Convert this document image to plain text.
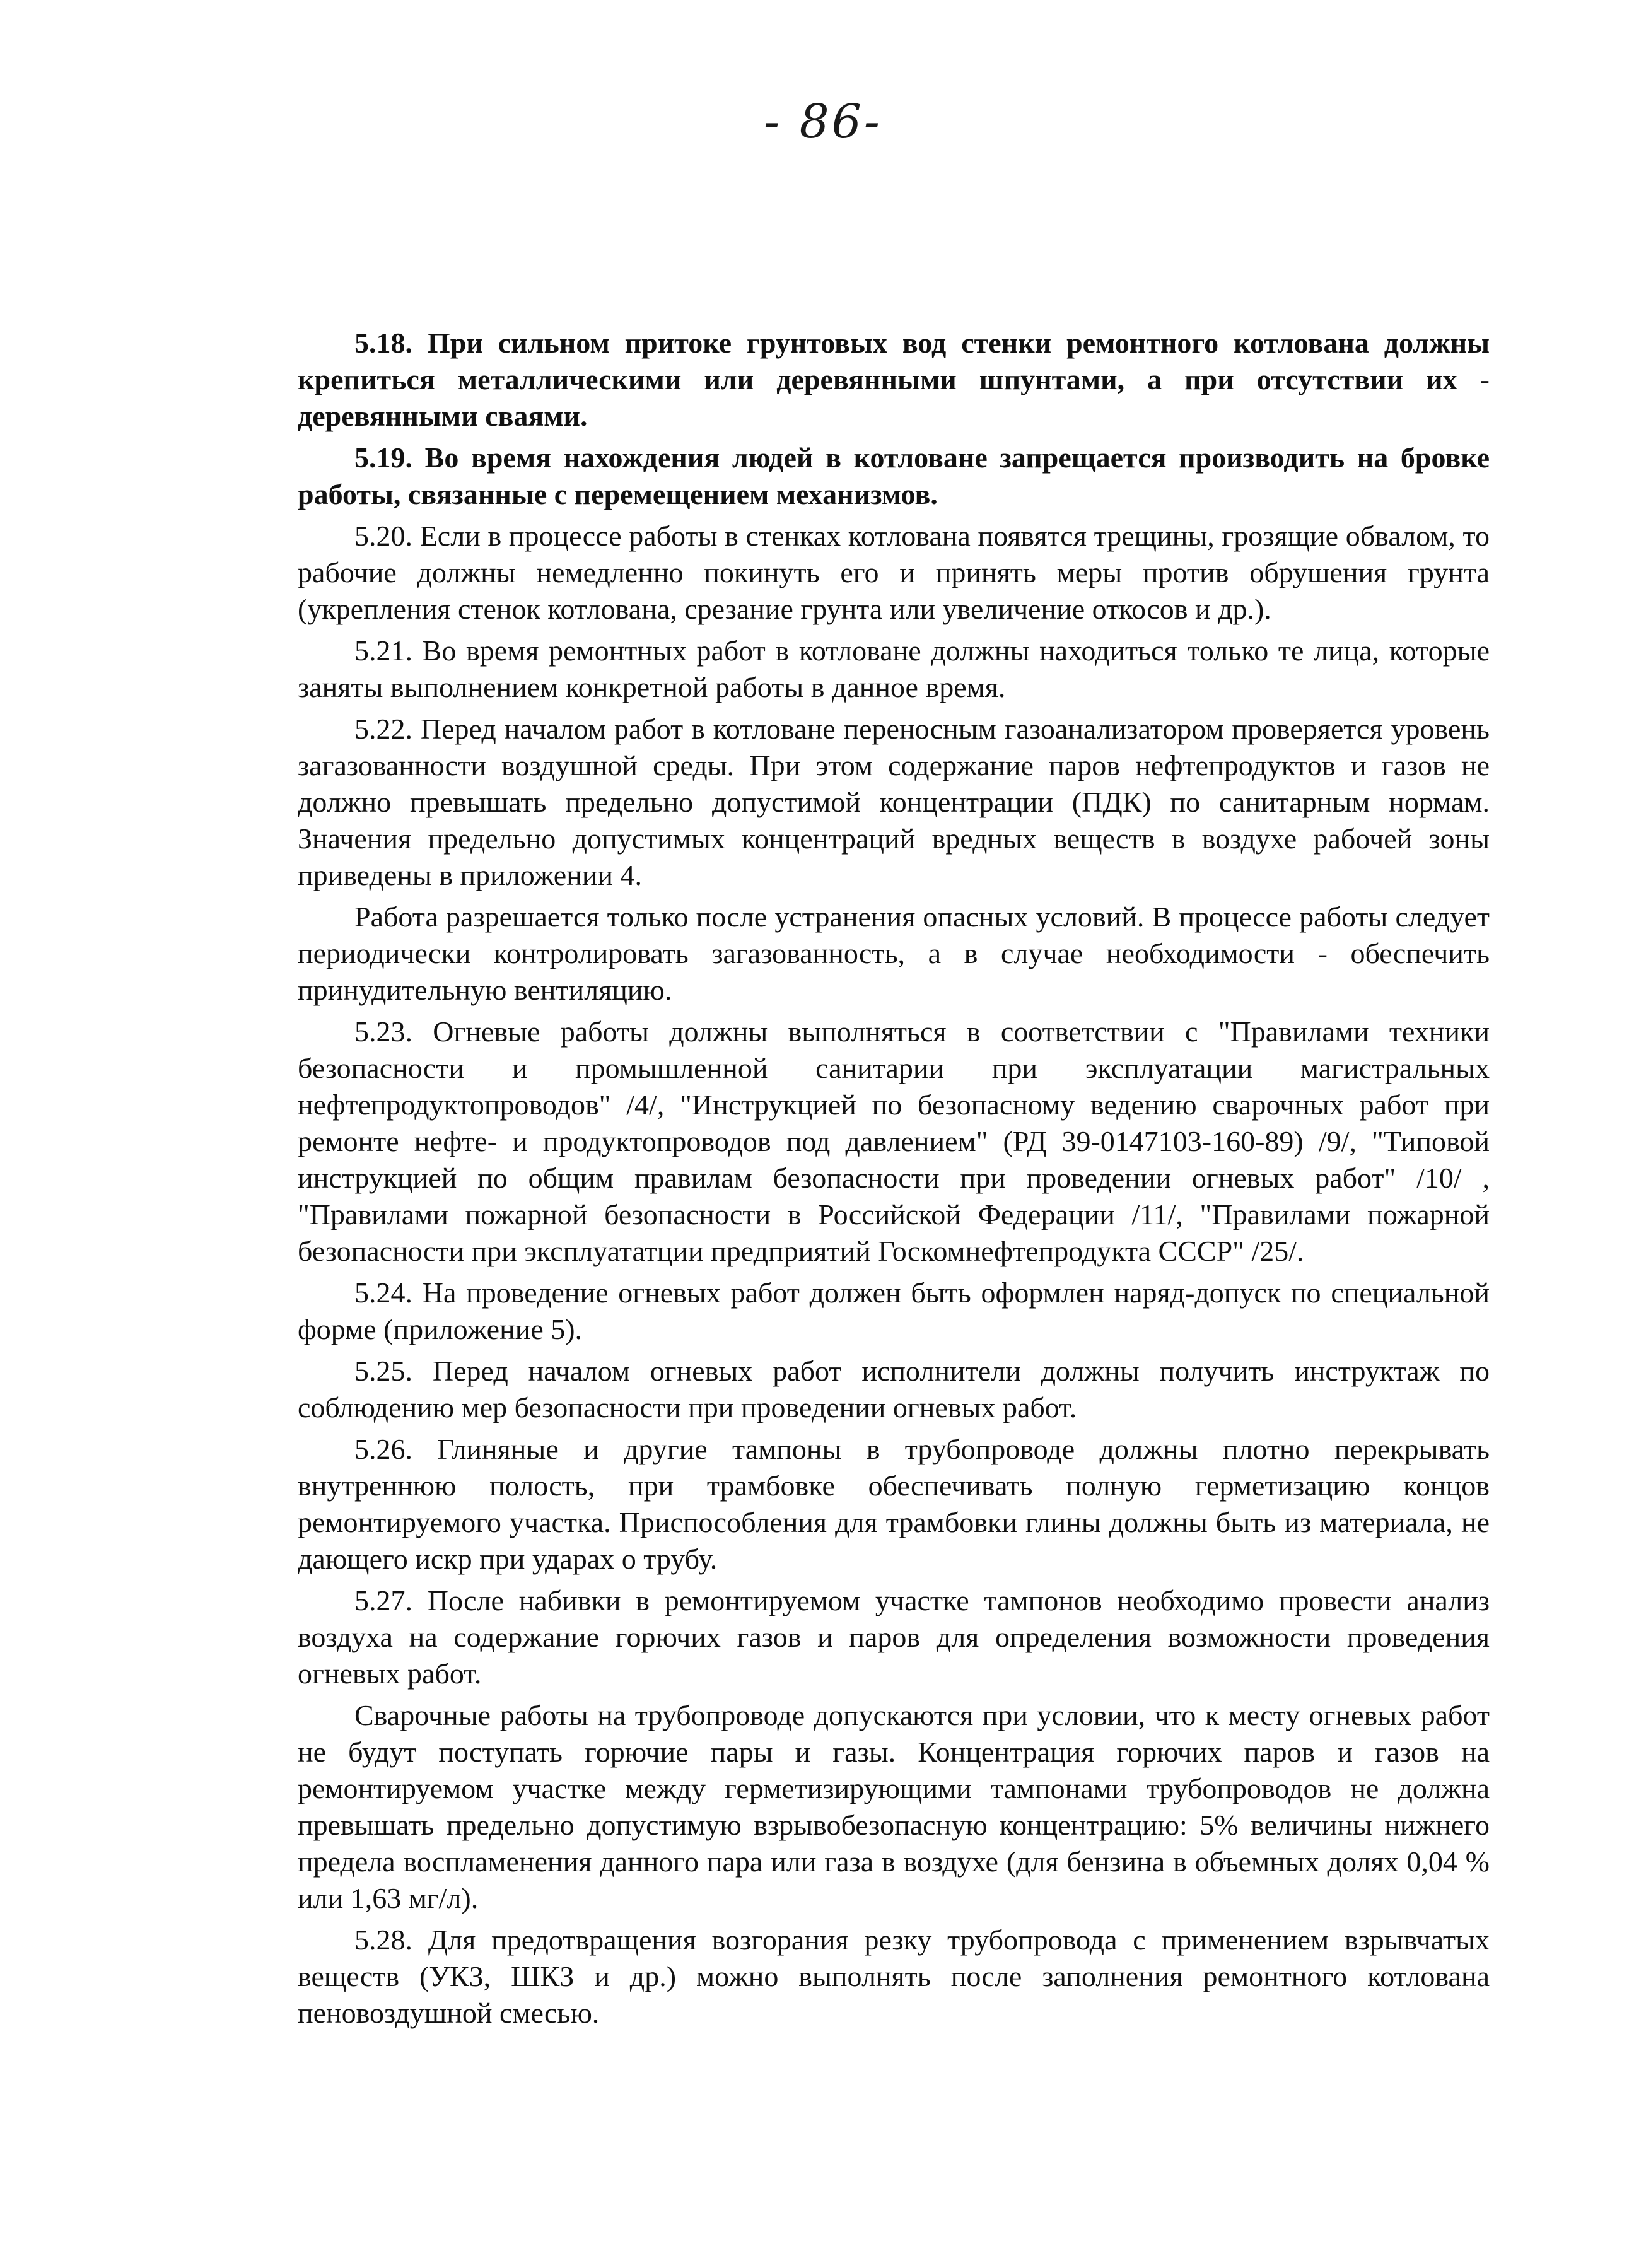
- 86-

5.18. При сильном притоке грунтовых вод стенки ремонтного котлована должны крепиться металлическими или деревянными шпунтами, а при отсутствии их - деревянными сваями.

5.19. Во время нахождения людей в котловане запрещается производить на бровке работы, связанные с перемещением механизмов.

5.20. Если в процессе работы в стенках котлована появятся трещины, грозящие обвалом, то рабочие должны немедленно покинуть его и принять меры против обрушения грунта (укрепления стенок котлована, срезание грунта или увеличение откосов и др.).

5.21. Во время ремонтных работ в котловане должны находиться только те лица, которые заняты выполнением конкретной работы в данное время.

5.22. Перед началом работ в котловане переносным газоанализатором проверяется уровень загазованности воздушной среды. При этом содержание паров нефтепродуктов и газов не должно превышать предельно допустимой концентрации (ПДК) по санитарным нормам. Значения предельно допустимых концентраций вредных веществ в воздухе рабочей зоны приведены в приложении 4.

Работа разрешается только после устранения опасных условий. В процессе работы следует периодически контролировать загазованность, а в случае необходимости - обеспечить принудительную вентиляцию.

5.23. Огневые работы должны выполняться в соответствии с "Правилами техники безопасности и промышленной санитарии при эксплуатации магистральных нефтепродуктопроводов" /4/, "Инструкцией по безопасному ведению сварочных работ при ремонте нефте- и продуктопроводов под давлением" (РД 39-0147103-160-89) /9/, "Типовой инструкцией по общим правилам безопасности при проведении огневых работ" /10/ , "Правилами пожарной безопасности в Российской Федерации /11/, "Правилами пожарной безопасности при эксплуататции предприятий Госкомнефтепродукта СССР" /25/.

5.24. На проведение огневых работ должен быть оформлен наряд-допуск по специальной форме (приложение 5).

5.25. Перед началом огневых работ исполнители должны получить инструктаж по соблюдению мер безопасности при проведении огневых работ.

5.26. Глиняные и другие тампоны в трубопроводе должны плотно перекрывать внутреннюю полость, при трамбовке обеспечивать полную герметизацию концов ремонтируемого участка. Приспособления для трамбовки глины должны быть из материала, не дающего искр при ударах о трубу.

5.27. После набивки в ремонтируемом участке тампонов необходимо провести анализ воздуха на содержание горючих газов и паров для определения возможности проведения огневых работ.

Сварочные работы на трубопроводе допускаются при условии, что к месту огневых работ не будут поступать горючие пары и газы. Концентрация горючих паров и газов на ремонтируемом участке между герметизирующими тампонами трубопроводов не должна превышать предельно допустимую взрывобезопасную концентрацию: 5% величины нижнего предела воспламенения данного пара или газа в воздухе (для бензина в объемных долях 0,04 % или 1,63 мг/л).

5.28. Для предотвращения возгорания резку трубопровода с применением взрывчатых веществ (УКЗ, ШКЗ и др.) можно выполнять после заполнения ремонтного котлована пеновоздушной смесью.
